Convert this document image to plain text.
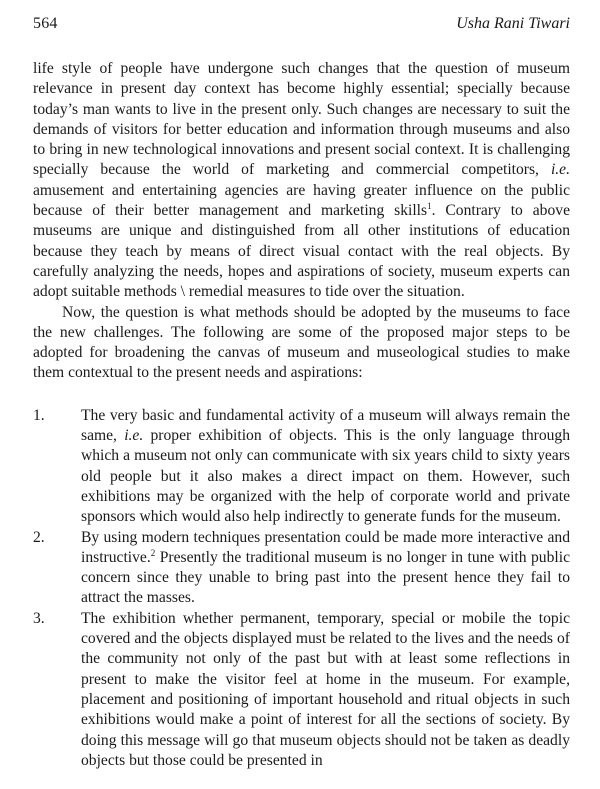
564	Usha Rani Tiwari

life style of people have undergone such changes that the question of museum relevance in present day context has become highly essential; specially because today’s man wants to live in the present only. Such changes are necessary to suit the demands of visitors for better education and information through museums and also to bring in new technological innovations and present social context. It is challenging specially because the world of marketing and commercial competitors, i.e. amusement and entertaining agencies are having greater influence on the public because of their better management and marketing skills$^1$. Contrary to above museums are unique and distinguished from all other institutions of education because they teach by means of direct visual contact with the real objects. By carefully analyzing the needs, hopes and aspirations of society, museum experts can adopt suitable methods \ remedial measures to tide over the situation.

Now, the question is what methods should be adopted by the museums to face the new challenges. The following are some of the proposed major steps to be adopted for broadening the canvas of museum and museological studies to make them contextual to the present needs and aspirations:

1.	The very basic and fundamental activity of a museum will always remain the same, i.e. proper exhibition of objects. This is the only language through which a museum not only can communicate with six years child to sixty years old people but it also makes a direct impact on them. However, such exhibitions may be organized with the help of corporate world and private sponsors which would also help indirectly to generate funds for the museum.
2.	By using modern techniques presentation could be made more interactive and instructive.$^2$ Presently the traditional museum is no longer in tune with public concern since they unable to bring past into the present hence they fail to attract the masses.
3.	The exhibition whether permanent, temporary, special or mobile the topic covered and the objects displayed must be related to the lives and the needs of the community not only of the past but with at least some reflections in present to make the visitor feel at home in the museum. For example, placement and positioning of important household and ritual objects in such exhibitions would make a point of interest for all the sections of society. By doing this message will go that museum objects should not be taken as deadly objects but those could be presented in
